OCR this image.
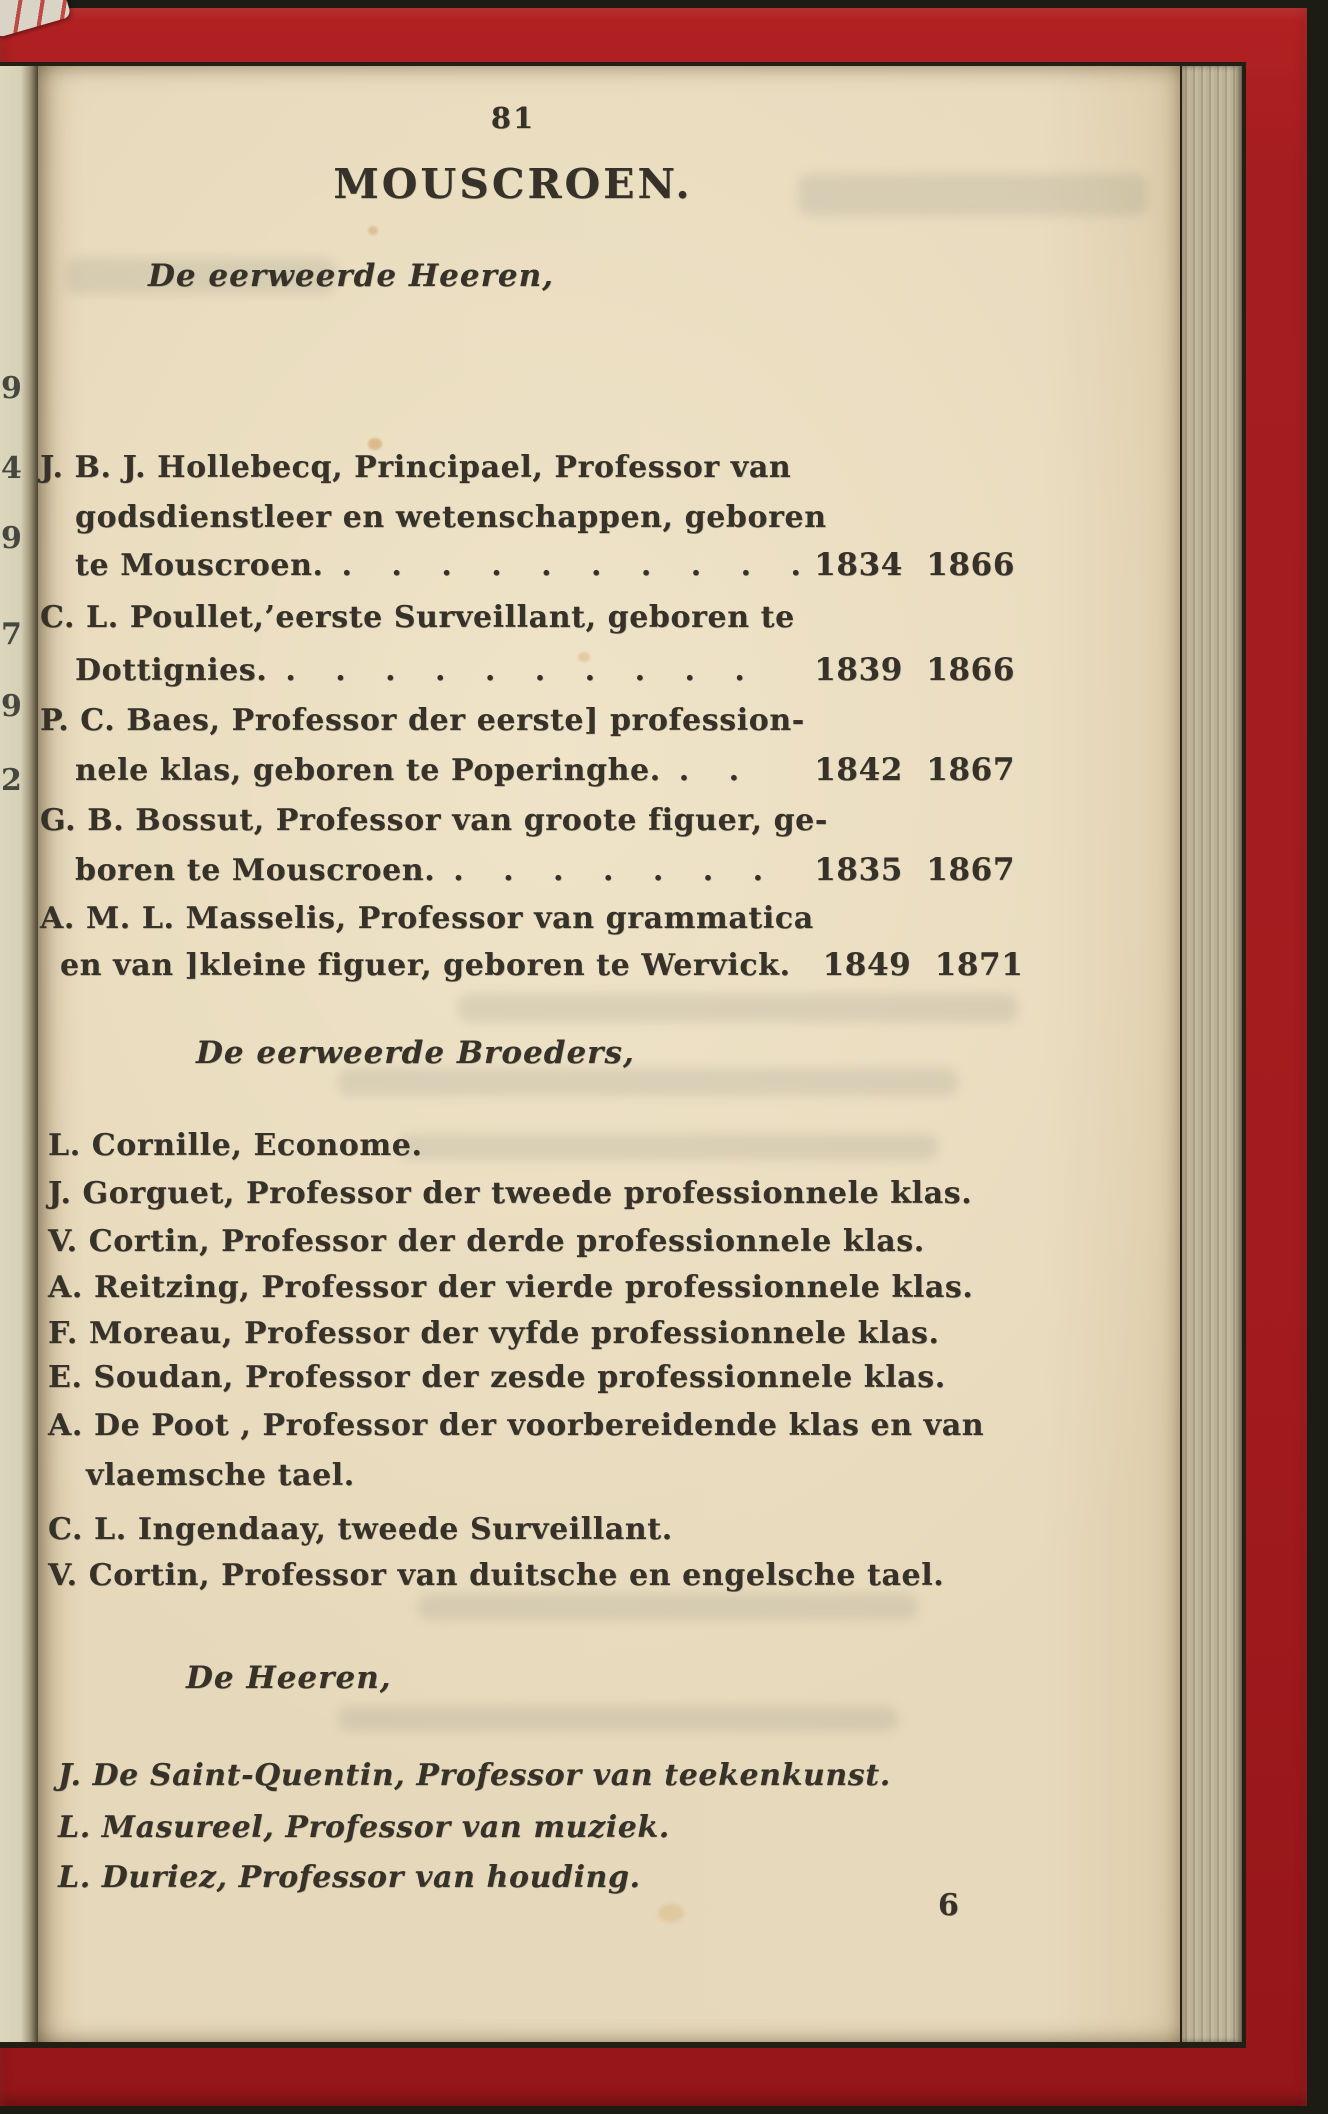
9
4
9
7
9
2
81
MOUSCROEN.
De eerweerde Heeren,
J. B. J. Hollebecq, Principael, Professor van
godsdienstleer en wetenschappen, geboren
te Mouscroen. . . . . . . . . . . 1834 1866
C. L. Poullet,’eerste Surveillant, geboren te
Dottignies. . . . . . . . . . .	1839 1866
P. C. Baes, Professor der eerste] profession-
nele klas, geboren te Poperinghe. . .	1842 1867
G. B. Bossut, Professor van groote figuer, ge-
boren te Mouscroen. . . . . . . .	1835 1867
A. M. L. Masselis, Professor van grammatica
en van ]kleine figuer, geboren te Wervick. 1849 1871
De eerweerde Broeders,
L. Cornille, Econome.
J. Gorguet, Professor der tweede professionnele klas.
V. Cortin, Professor der derde professionnele klas.
A. Reitzing, Professor der vierde professionnele klas.
F. Moreau, Professor der vyfde professionnele klas.
E. Soudan, Professor der zesde professionnele klas.
A. De Poot , Professor der voorbereidende klas en van
vlaemsche tael.
C. L. Ingendaay, tweede Surveillant.
V. Cortin, Professor van duitsche en engelsche tael.
De Heeren,
J. De Saint-Quentin, Professor van teekenkunst.
L. Masureel, Professor van muziek.
L. Duriez, Professor van houding.
6
